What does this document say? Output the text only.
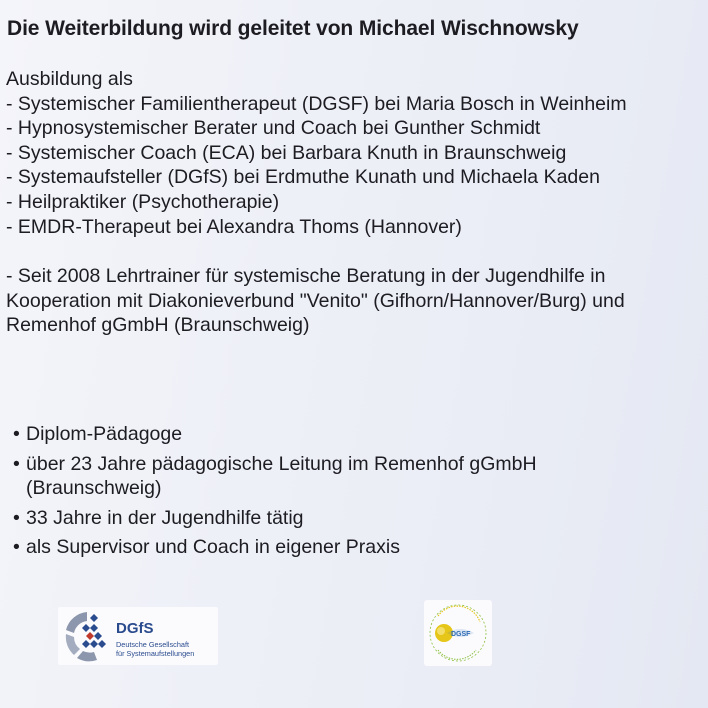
Die Weiterbildung wird geleitet von Michael Wischnowsky
Ausbildung als
- Systemischer Familientherapeut (DGSF) bei Maria Bosch in Weinheim
- Hypnosystemischer Berater und Coach bei Gunther Schmidt
- Systemischer Coach (ECA) bei Barbara Knuth in Braunschweig
- Systemaufsteller (DGfS) bei Erdmuthe Kunath und Michaela Kaden
- Heilpraktiker (Psychotherapie)
- EMDR-Therapeut bei Alexandra Thoms (Hannover)
- Seit 2008 Lehrtrainer für systemische Beratung in der Jugendhilfe in
Kooperation mit Diakonieverbund "Venito" (Gifhorn/Hannover/Burg) und
Remenhof gGmbH (Braunschweig)
• Diplom-Pädagoge
• über 23 Jahre pädagogische Leitung im Remenhof gGmbH
(Braunschweig)
• 33 Jahre in der Jugendhilfe tätig
• als Supervisor und Coach in eigener Praxis
DGfS
Deutsche Gesellschaft
für Systemaufstellungen
DGSF
